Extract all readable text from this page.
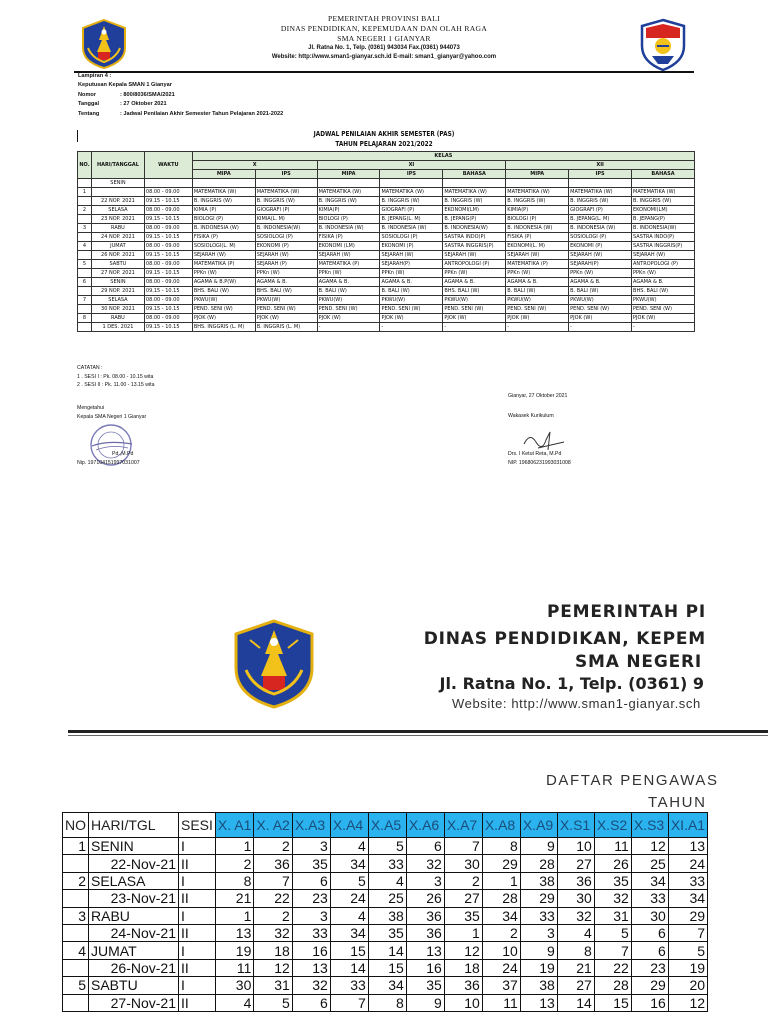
PEMERINTAH PROVINSI BALI
DINAS PENDIDIKAN, KEPEMUDAAN DAN OLAH RAGA
SMA NEGERI 1 GIANYAR
Jl. Ratna No. 1, Telp. (0361) 943034 Fax.(0361) 944073
Website: http://www.sman1-gianyar.sch.id E-mail: sman1_gianyar@yahoo.com
Lampiran 4 :
Keputusan Kepala SMAN 1 Gianyar
Nomor	: 800/8036/SMA/2021
Tanggal	: 27 Oktober 2021
Tentang	: Jadwal Penilaian Akhir Semester Tahun Pelajaran 2021-2022
JADWAL PENILAIAN AKHIR SEMESTER (PAS)
TAHUN PELAJARAN 2021/2022
NO.	HARI/TANGGAL	WAKTU	KELAS							
			X		XI			XII		
			MIPA	IPS	MIPA	IPS	BAHASA	MIPA	IPS	BAHASA
	SENIN									
1		08.00 - 09.00	MATEMATIKA (W)	MATEMATIKA (W)	MATEMATIKA (W)	MATEMATIKA (W)	MATEMATIKA (W)	MATEMATIKA (W)	MATEMATIKA (W)	MATEMATIKA (W)
	22 NOP. 2021	09.15 - 10.15	B. INGGRIS (W)	B. INGGRIS (W)	B. INGGRIS (W)	B. INGGRIS (W)	B. INGGRIS (W)	B. INGGRIS (W)	B. INGGRIS (W)	B. INGGRIS (W)
2	SELASA	08.00 - 09.00	KIMIA (P)	GIOGRAFI (P)	KIMIA(P)	GIOGRAFI (P)	EKONOMI(LM)	KIMIA(P)	GIOGRAFI (P)	EKONOMI(LM)
	23 NOP. 2021	09.15 - 10.15	BIOLOGI (P)	KIMIA(L. M)	BIOLOGI (P)	B. JEPANG(L. M)	B. JEPANG(P)	BIOLOGI (P)	B. JEPANG(L. M)	B. JEPANG(P)
3	RABU	08.00 - 09.00	B. INDONESIA (W)	B. INDONESIA(W)	B. INDONESIA (W)	B. INDONESIA (W)	B. INDONESIA(W)	B. INDONESIA (W)	B. INDONESIA (W)	B. INDONESIA(W)
	24 NOP. 2021	09.15 - 10.15	FISIKA (P)	SOSIOLOGI (P)	FISIKA (P)	SOSIOLOGI (P)	SASTRA INDO(P)	FISIKA (P)	SOSIOLOGI (P)	SASTRA INDO(P)
4	JUMAT	08.00 - 09.00	SOSIOLOGI(L. M)	EKONOMI (P)	EKONOMI (LM)	EKONOMI (P)	SASTRA INGGRIS(P)	EKONOMI(L. M)	EKONOMI (P)	SASTRA INGGRIS(P)
	26 NOP. 2021	09.15 - 10.15	SEJARAH (W)	SEJARAH (W)	SEJARAH (W)	SEJARAH (W)	SEJARAH (W)	SEJARAH (W)	SEJARAH (W)	SEJARAH (W)
5	SABTU	08.00 - 09.00	MATEMATIKA (P)	SEJARAH (P)	MATEMATIKA (P)	SEJARAH(P)	ANTROPOLOGI (P)	MATEMATIKA (P)	SEJARAH(P)	ANTROPOLOGI (P)
	27 NOP. 2021	09.15 - 10.15	PPKn (W)	PPKn (W)	PPKn (W)	PPKn (W)	PPKn (W)	PPKn (W)	PPKn (W)	PPKn (W)
6	SENIN	08.00 - 09.00	AGAMA & B.P(W)	AGAMA & B.	AGAMA & B.	AGAMA & B.	AGAMA & B.	AGAMA & B.	AGAMA & B.	AGAMA & B.
	29 NOP. 2021	09.15 - 10.15	BHS. BALI (W)	BHS. BALI (W)	B. BALI (W)	B. BALI (W)	BHS. BALI (W)	B. BALI (W)	B. BALI (W)	BHS. BALI (W)
7	SELASA	08.00 - 09.00	PKWU(W)	PKWU(W)	PKWU(W)	PKWU(W)	PKWU(W)	PKWU(W)	PKWU(W)	PKWU(W)
	30 NOP. 2021	09.15 - 10.15	PEND. SENI (W)	PEND. SENI (W)	PEND. SENI (W)	PEND. SENI (W)	PEND. SENI (W)	PEND. SENI (W)	PEND. SENI (W)	PEND. SENI (W)
8	RABU	08.00 - 09.00	PJOK (W)	PJOK (W)	PJOK (W)	PJOK (W)	PJOK (W)	PJOK (W)	PJOK (W)	PJOK (W)
	1 DES. 2021	09.15 - 10.15	BHS. INGGRIS (L. M)	B. INGGRIS (L. M)	-	-	-	-	-	-
CATATAN :
1 . SESI I : Pk. 08.00 - 10.15 wita
2 . SESI II : Pk. 11.00 - 13.15 wita
Mengetahui
Kepala SMA Negeri 1 Gianyar
Pd.,M.Pd
Nip. 197104151997031007
Gianyar, 27 Oktober 2021
Wakasek Kurikulum
Drs. I Ketut Reta, M.Pd
NIP. 196806231993031008
PEMERINTAH PI
DINAS PENDIDIKAN, KEPEM
SMA NEGERI
Jl. Ratna No. 1, Telp. (0361) 9
Website: http://www.sman1-gianyar.sch
DAFTAR PENGAWAS
TAHUN
NO	HARI/TGL	SESI	X. A1	X. A2	X.A3	X.A4	X.A5	X.A6	X.A7	X.A8	X.A9	X.S1	X.S2	X.S3	XI.A1
1	SENIN	I	1	2	3	4	5	6	7	8	9	10	11	12	13
	22-Nov-21	II	2	36	35	34	33	32	30	29	28	27	26	25	24
2	SELASA	I	8	7	6	5	4	3	2	1	38	36	35	34	33
	23-Nov-21	II	21	22	23	24	25	26	27	28	29	30	32	33	34
3	RABU	I	1	2	3	4	38	36	35	34	33	32	31	30	29
	24-Nov-21	II	13	32	33	34	35	36	1	2	3	4	5	6	7
4	JUMAT	I	19	18	16	15	14	13	12	10	9	8	7	6	5
	26-Nov-21	II	11	12	13	14	15	16	18	24	19	21	22	23	19
5	SABTU	I	30	31	32	33	34	35	36	37	38	27	28	29	20
	27-Nov-21	II	4	5	6	7	8	9	10	11	13	14	15	16	12
